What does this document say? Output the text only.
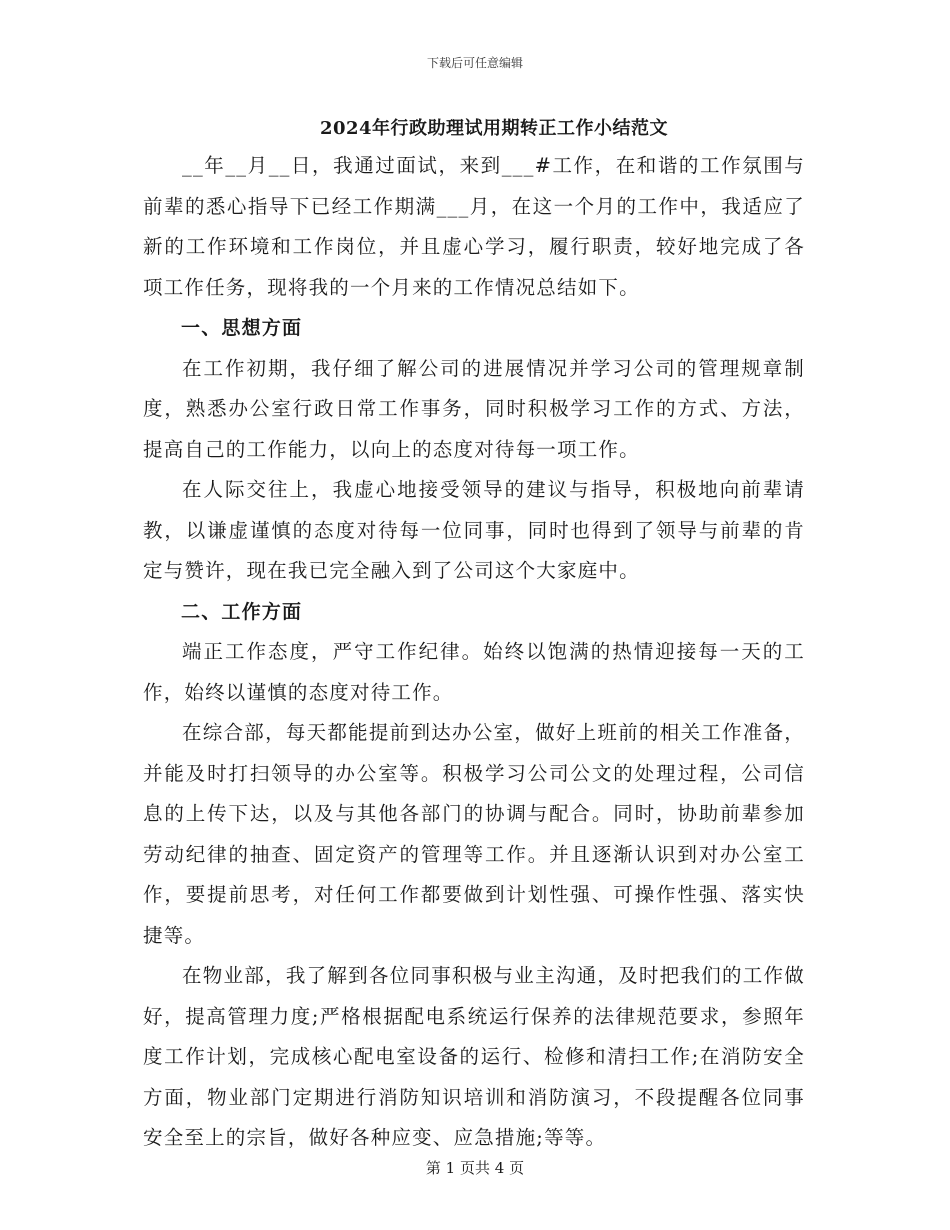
下载后可任意编辑
2024年行政助理试用期转正工作小结范文

__年__月__日，我通过面试，来到___#工作，在和谐的工作氛围与前辈的悉心指导下已经工作期满___月，在这一个月的工作中，我适应了新的工作环境和工作岗位，并且虚心学习，履行职责，较好地完成了各项工作任务，现将我的一个月来的工作情况总结如下。

一、思想方面

在工作初期，我仔细了解公司的进展情况并学习公司的管理规章制度，熟悉办公室行政日常工作事务，同时积极学习工作的方式、方法，提高自己的工作能力，以向上的态度对待每一项工作。

在人际交往上，我虚心地接受领导的建议与指导，积极地向前辈请教，以谦虚谨慎的态度对待每一位同事，同时也得到了领导与前辈的肯定与赞许，现在我已完全融入到了公司这个大家庭中。

二、工作方面

端正工作态度，严守工作纪律。始终以饱满的热情迎接每一天的工作，始终以谨慎的态度对待工作。

在综合部，每天都能提前到达办公室，做好上班前的相关工作准备，并能及时打扫领导的办公室等。积极学习公司公文的处理过程，公司信息的上传下达，以及与其他各部门的协调与配合。同时，协助前辈参加劳动纪律的抽查、固定资产的管理等工作。并且逐渐认识到对办公室工作，要提前思考，对任何工作都要做到计划性强、可操作性强、落实快捷等。

在物业部，我了解到各位同事积极与业主沟通，及时把我们的工作做好，提高管理力度;严格根据配电系统运行保养的法律规范要求，参照年度工作计划，完成核心配电室设备的运行、检修和清扫工作;在消防安全方面，物业部门定期进行消防知识培训和消防演习，不段提醒各位同事安全至上的宗旨，做好各种应变、应急措施;等等。

第 1 页共 4 页
